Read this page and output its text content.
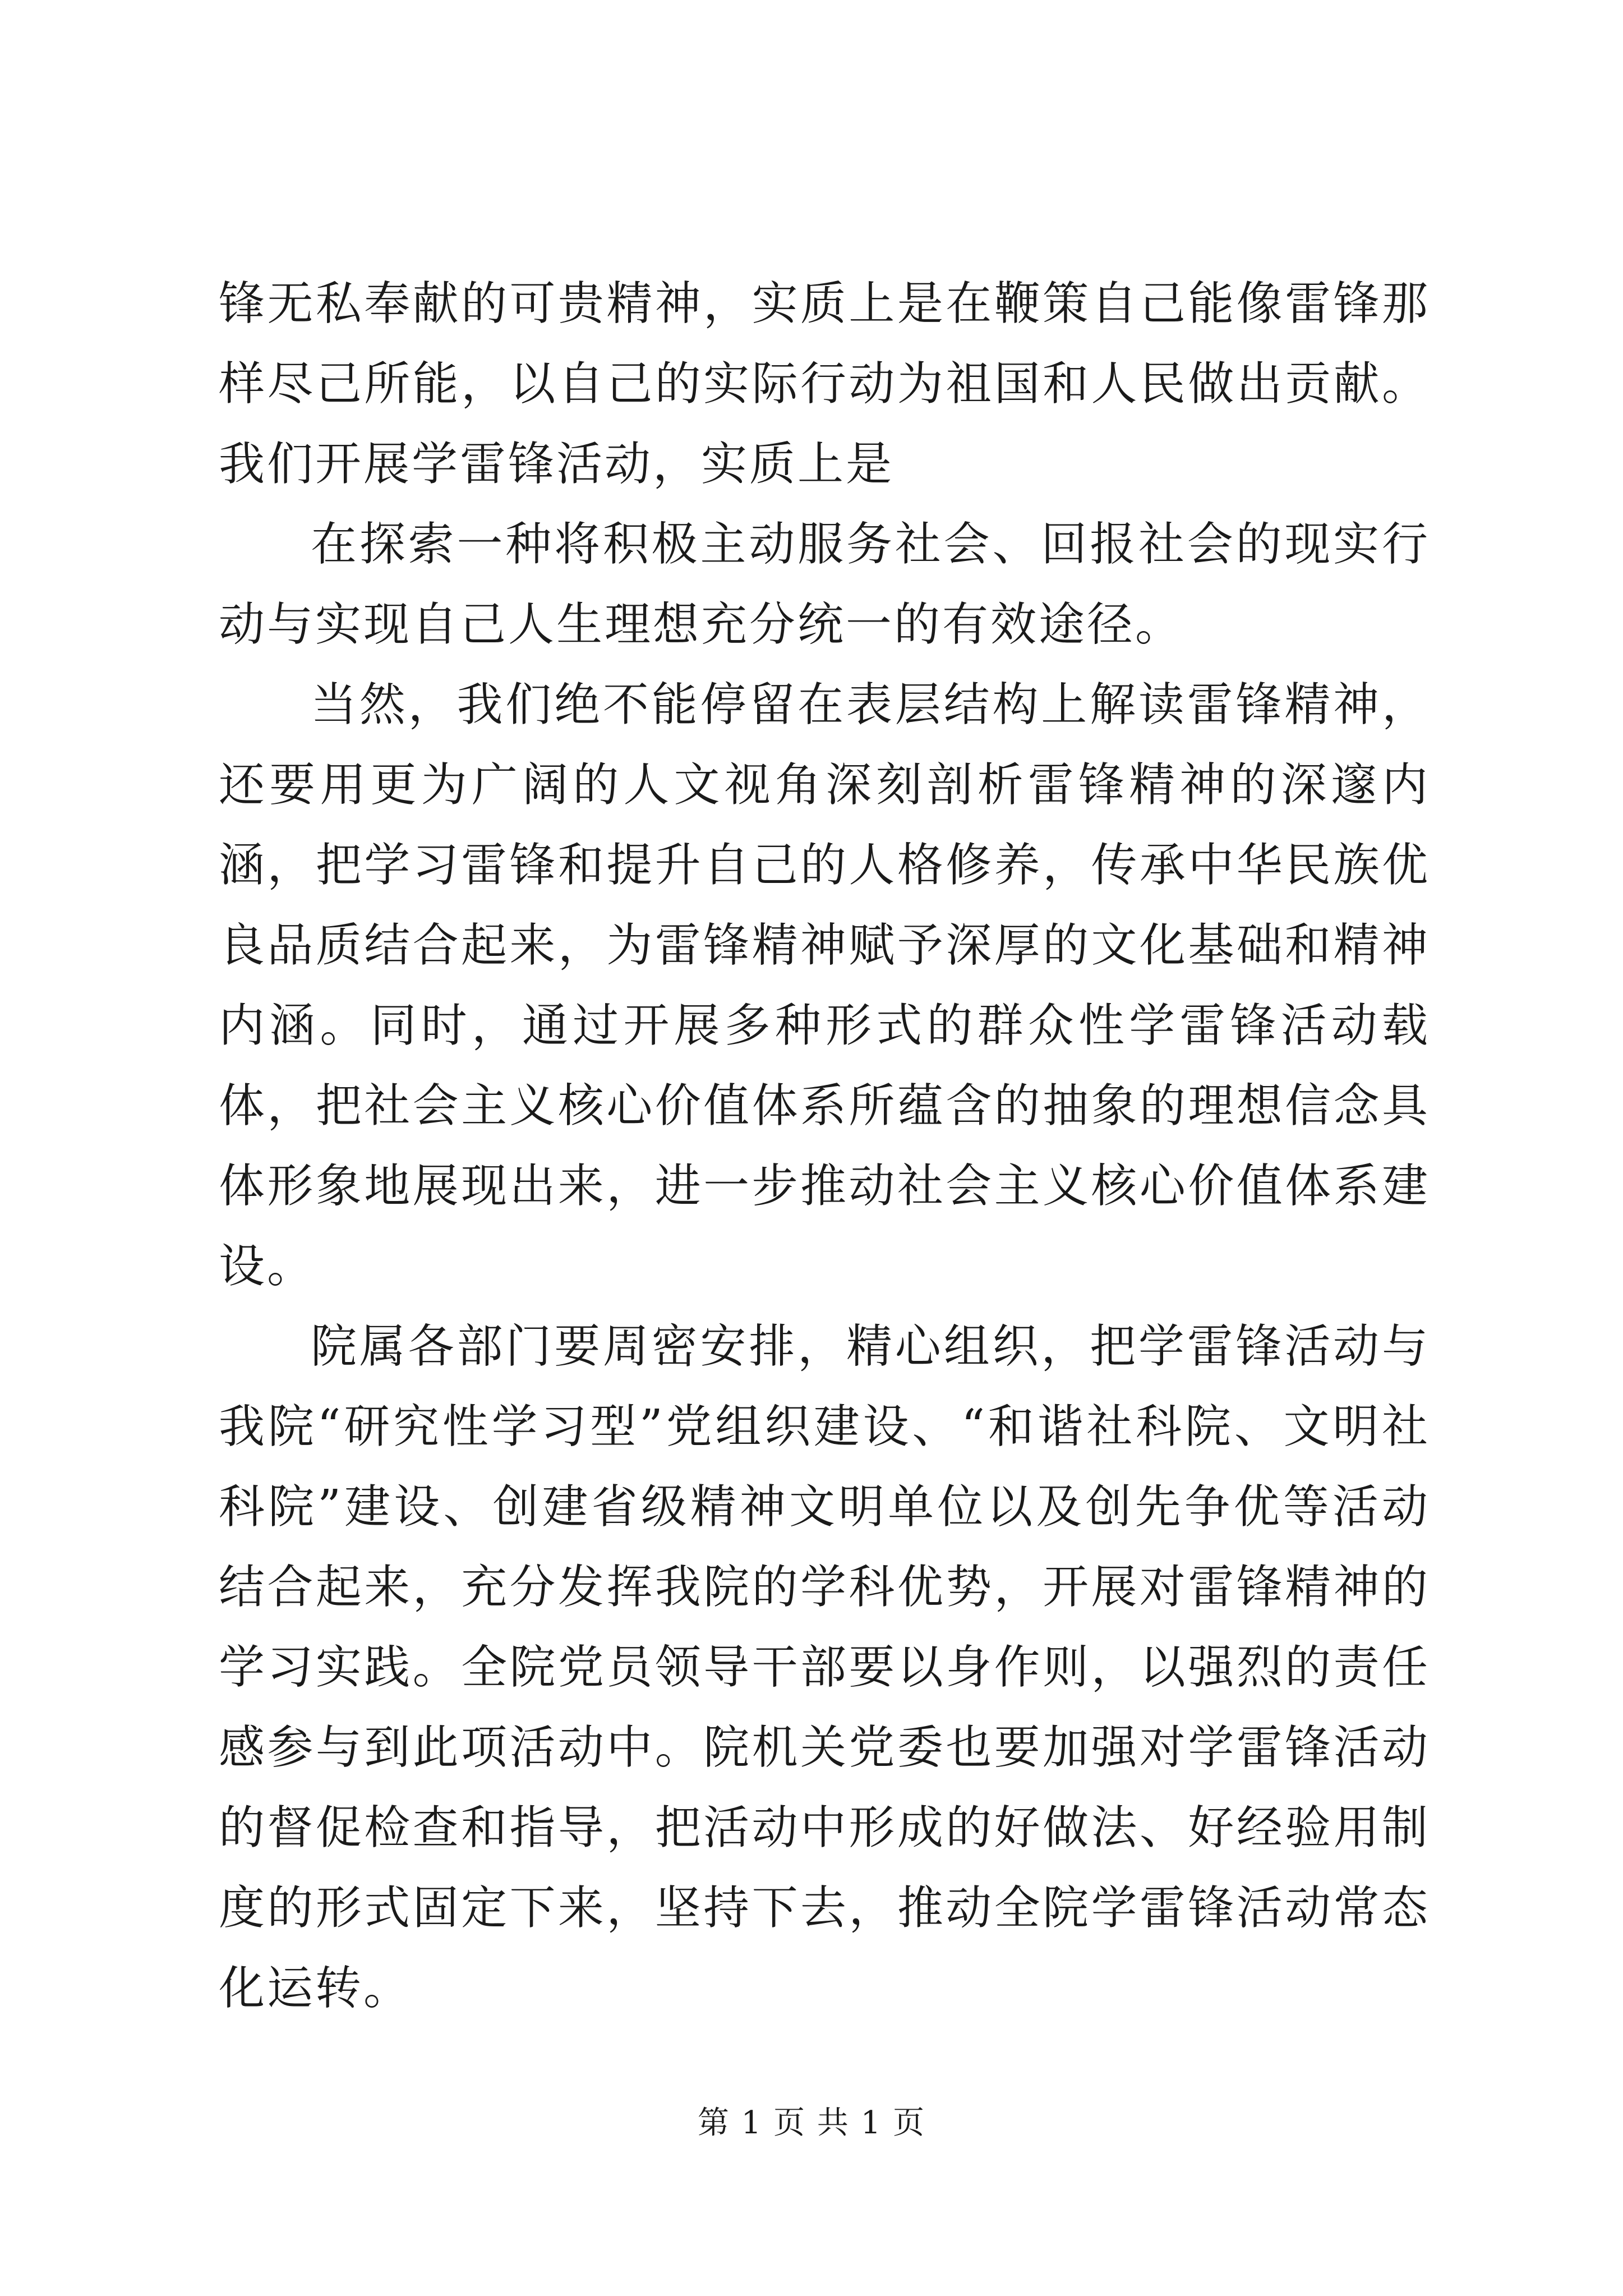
锋无私奉献的可贵精神，实质上是在鞭策自己能像雷锋那样尽己所能，以自己的实际行动为祖国和人民做出贡献。我们开展学雷锋活动，实质上是

在探索一种将积极主动服务社会、回报社会的现实行动与实现自己人生理想充分统一的有效途径。

当然，我们绝不能停留在表层结构上解读雷锋精神，还要用更为广阔的人文视角深刻剖析雷锋精神的深邃内涵，把学习雷锋和提升自己的人格修养，传承中华民族优良品质结合起来，为雷锋精神赋予深厚的文化基础和精神内涵。同时，通过开展多种形式的群众性学雷锋活动载体，把社会主义核心价值体系所蕴含的抽象的理想信念具体形象地展现出来，进一步推动社会主义核心价值体系建设。

院属各部门要周密安排，精心组织，把学雷锋活动与我院“研究性学习型”党组织建设、“和谐社科院、文明社科院”建设、创建省级精神文明单位以及创先争优等活动结合起来，充分发挥我院的学科优势，开展对雷锋精神的学习实践。全院党员领导干部要以身作则，以强烈的责任感参与到此项活动中。院机关党委也要加强对学雷锋活动的督促检查和指导，把活动中形成的好做法、好经验用制度的形式固定下来，坚持下去，推动全院学雷锋活动常态化运转。

第 1 页 共 1 页
